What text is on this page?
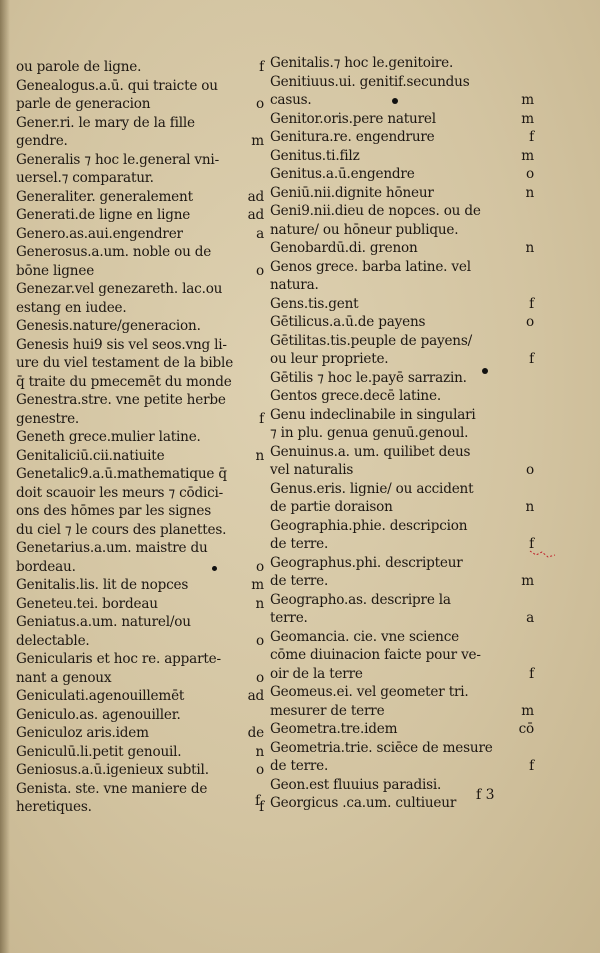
ou parole de ligne.	f
Genealogus.a.ū. qui traicte ou
parle de generacion	o
Gener.ri. le mary de la fille
gendre.	m
Generalis ⁊ hoc le.general vni-
uersel.⁊ comparatur.
Generaliter. generalement	ad
Generati.de ligne en ligne	ad
Genero.as.aui.engendrer	a
Generosus.a.um. noble ou de
bōne lignee	o
Genezar.vel genezareth. lac.ou
estang en iudee.
Genesis.nature/generacion.
Genesis hui9 sis vel seos.vng li-
ure du viel testament de la bible
q̄ traite du pmecemēt du monde
Genestra.stre. vne petite herbe
genestre.	f
Geneth grece.mulier latine.
Genitaliciū.cii.natiuite	n
Genetalic9.a.ū.mathematique q̄
doit scauoir les meurs ⁊ cōdici-
ons des hōmes par les signes
du ciel ⁊ le cours des planettes.
Genetarius.a.um. maistre du
bordeau.	o
Genitalis.lis. lit de nopces	m
Geneteu.tei. bordeau	n
Geniatus.a.um. naturel/ou
delectable.	o
Genicularis et hoc re. apparte-
nant a genoux	o
Geniculati.agenouillemēt	ad
Geniculo.as. agenouiller.
Geniculoz aris.idem	de
Geniculū.li.petit genouil.	n
Geniosus.a.ū.igenieux subtil.	o
Genista. ste. vne maniere de
heretiques.	f
Genitalis.⁊ hoc le.genitoire.
Genitiuus.ui. genitif.secundus
casus.	m
Genitor.oris.pere naturel	m
Genitura.re. engendrure	f
Genitus.ti.filz	m
Genitus.a.ū.engendre	o
Geniū.nii.dignite hōneur	n
Geni9.nii.dieu de nopces. ou de
nature/ ou hōneur publique.
Genobardū.di. grenon	n
Genos grece. barba latine. vel
natura.
Gens.tis.gent	f
Gētilicus.a.ū.de payens	o
Gētilitas.tis.peuple de payens/
ou leur propriete.	f
Gētilis ⁊ hoc le.payē sarrazin.
Gentos grece.decē latine.
Genu indeclinabile in singulari
⁊ in plu. genua genuū.genoul.
Genuinus.a. um. quilibet deus
vel naturalis	o
Genus.eris. lignie/ ou accident
de partie doraison	n
Geographia.phie. descripcion
de terre.	f
Geographus.phi. descripteur
de terre.	m
Geographo.as. descripre la
terre.	a
Geomancia. cie. vne science
cōme diuinacion faicte pour ve-
oir de la terre	f
Geomeus.ei. vel geometer tri.
mesurer de terre	m
Geometra.tre.idem	cō
Geometria.trie. sciēce de mesure
de terre.	f
Geon.est fluuius paradisi.
Georgicus .ca.um. cultiueur
f	f 3
